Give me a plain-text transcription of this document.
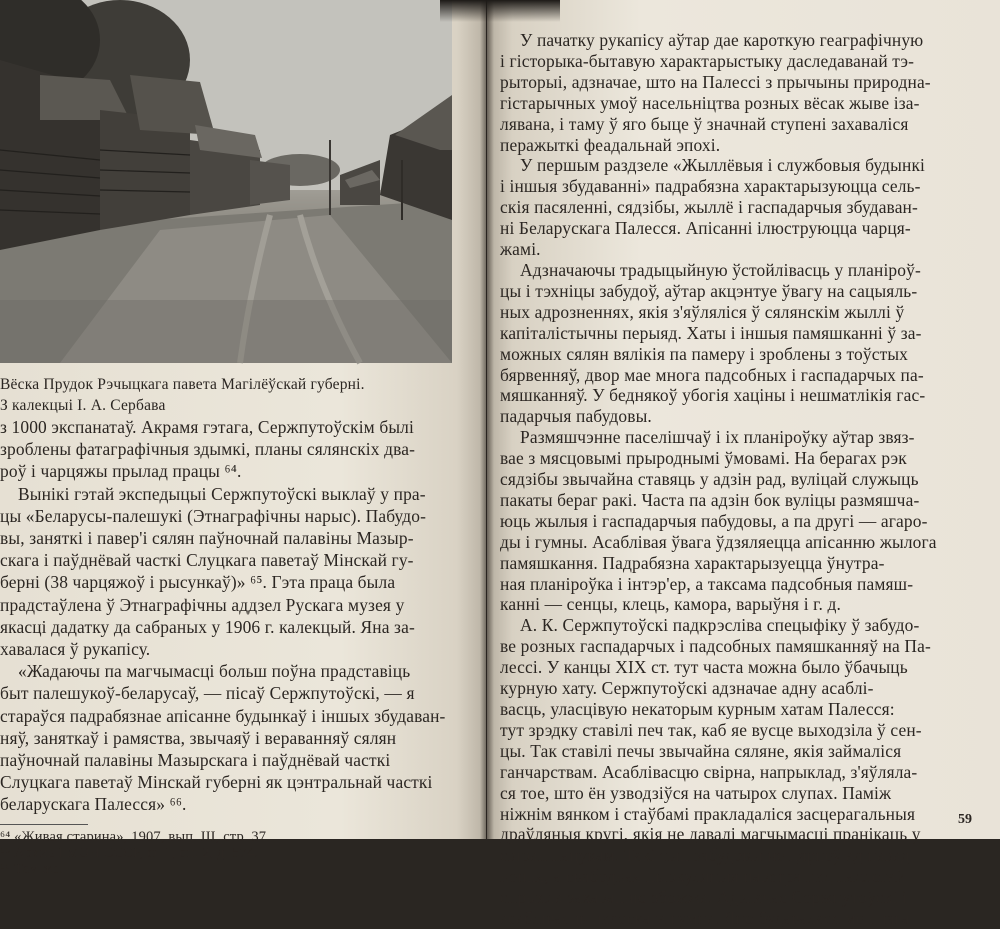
Вёска Прудок Рэчыцкага павета Магілёўскай губерні.
З калекцыі І. А. Сербава

з 1000 экспанатаў. Акрамя гэтага, Сержпутоўскім былі

зроблены фатаграфічныя здымкі, планы сялянскіх два-

роў і чарцяжы прылад працы ⁶⁴.

Вынікі гэтай экспедыцыі Сержпутоўскі выклаў у пра-

цы «Беларусы-палешукі (Этнаграфічны нарыс). Пабудо-

вы, заняткі і павер'і сялян паўночнай палавіны Мазыр-

скага і паўднёвай часткі Слуцкага паветаў Мінскай гу-

берні (38 чарцяжоў і рысункаў)» ⁶⁵. Гэта праца была

прадстаўлена ў Этнаграфічны аддзел Рускага музея у

якасці дадатку да сабраных у 1906 г. калекцый. Яна за-

хавалася ў рукапісу.

«Жадаючы па магчымасці больш поўна прадставіць

быт палешукоў-беларусаў, — пісаў Сержпутоўскі, — я

стараўся падрабязнае апісанне будынкаў і іншых збудаван-

няў, заняткаў і рамяства, звычаяў і вераванняў сялян

паўночнай палавіны Мазырскага і паўднёвай часткі

Слуцкага паветаў Мінскай губерні як цэнтральнай часткі

беларускага Палесся» ⁶⁶.

⁶⁴ «Живая старина», 1907, вып. III, стр. 37.
⁶⁵ Архив ГМЭН СССР, ф. 1, оп. 2, д. 574.
⁶⁶ Там же.

У пачатку рукапісу аўтар дае кароткую геаграфічную

і гісторыка-бытавую характарыстыку даследаванай тэ-

рыторыі, адзначае, што на Палессі з прычыны природна-

гістарычных умоў насельніцтва розных вёсак жыве ізa-

лявана, і таму ў яго быце ў значнай ступені захаваліся

перажыткі феадальнай эпохі.

У першым раздзеле «Жыллёвыя і службовыя будынкі

і іншыя збудаванні» падрабязна характарызуюцца сель-

скія пасяленні, сядзібы, жыллё і гаспадарчыя збудаван-

ні Беларускага Палесся. Апісанні ілюструюцца чарця-

жамі.

Адзначаючы традыцыйную ўстойлівасць у планіроў-

цы і тэхніцы забудоў, аўтар акцэнтуе ўвагу на сацыяль-

ных адрозненнях, якія з'яўляліся ў сялянскім жыллі ў

капіталістычны перыяд. Хаты і іншыя памяшканні ў за-

можных сялян вялікія па памеру і зроблены з тоўстых

бярвенняў, двор мае многа падсобных і гаспадарчых па-

мяшканняў. У беднякоў убогія хаціны і нешматлікія гас-

падарчыя пабудовы.

Размяшчэнне паселішчаў і іх планіроўку аўтар звяз-

вае з мясцовымі прыроднымі ўмовамі. На берагах рэк

сядзібы звычайна ставяць у адзін рад, вуліцай служыць

пакаты бераг ракі. Часта па адзін бок вуліцы размяшча-

юць жылыя і гаспадарчыя пабудовы, а па другі — агаро-

ды і гумны. Асаблівая ўвага ўдзяляецца апісанню жылога

памяшкання. Падрабязна характарызуецца ўнутра-

ная планіроўка і інтэр'ер, а таксама падсобныя памяш-

канні — сенцы, клець, камора, варыўня і г. д.

А. К. Сержпутоўскі падкрэсліва спецыфіку ў забудо-

ве розных гаспадарчых і падсобных памяшканняў на Па-

лессі. У канцы XIX ст. тут часта можна было ўбачыць

курную хату. Сержпутоўскі адзначае адну асаблі-

васць, уласцівую некаторым курным хатам Палесся:

тут зрэдку ставілі печ так, каб яе вусце выходзіла ў сен-

цы. Так ставілі печы звычайна сяляне, якія займаліся

ганчарствам. Асаблівасцю свірна, напрыклад, з'яўляла-

ся тое, што ён узводзіўся на чатырох слупах. Паміж

ніжнім вянком і стаўбамі пракладаліся засцерагальныя

драўляныя кругі, якія не давалі магчымасці пранікаць у

свіран пацукам. Такі тып забудовы не цярпеў ад павад-

нення, а свабодная цыркуляцыя паветра пад падлогай

спрыяла захаванню збожжа. Адзначае Сержпутоўскі і

асаблівасць палескага гумна. Яно будавалася меншага

59
